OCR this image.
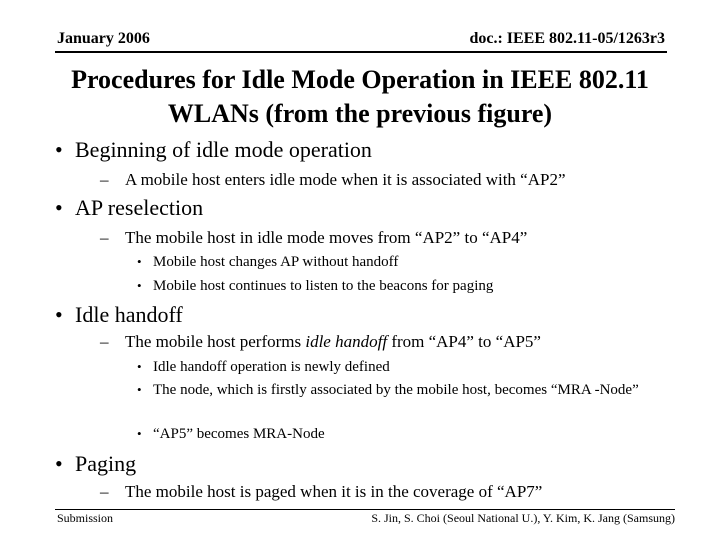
January 2006	doc.: IEEE 802.11-05/1263r3
Procedures for Idle Mode Operation in IEEE 802.11 WLANs (from the previous figure)
• Beginning of idle mode operation
– A mobile host enters idle mode when it is associated with “AP2”
• AP reselection
– The mobile host in idle mode moves from “AP2” to “AP4”
• Mobile host changes AP without handoff
• Mobile host continues to listen to the beacons for paging
• Idle handoff
– The mobile host performs idle handoff from “AP4” to “AP5”
• Idle handoff operation is newly defined
• The node, which is firstly associated by the mobile host, becomes “MRA -Node”
• “AP5” becomes MRA-Node
• Paging
– The mobile host is paged when it is in the coverage of “AP7”
Submission	S. Jin, S. Choi (Seoul National U.), Y. Kim, K. Jang (Samsung)
